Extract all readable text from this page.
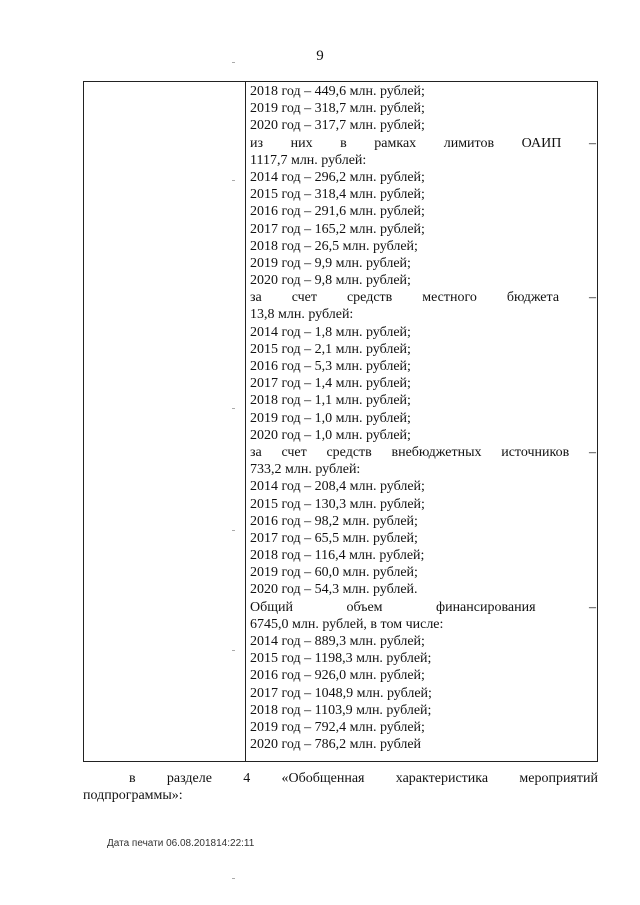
9
2018 год – 449,6 млн. рублей;
2019 год – 318,7 млн. рублей;
2020 год – 317,7 млн. рублей;
из них в рамках лимитов ОАИП –
1117,7 млн. рублей:
2014 год – 296,2 млн. рублей;
2015 год – 318,4 млн. рублей;
2016 год – 291,6 млн. рублей;
2017 год – 165,2 млн. рублей;
2018 год – 26,5 млн. рублей;
2019 год – 9,9 млн. рублей;
2020 год – 9,8 млн. рублей;
за счет средств местного бюджета –
13,8 млн. рублей:
2014 год – 1,8 млн. рублей;
2015 год – 2,1 млн. рублей;
2016 год – 5,3 млн. рублей;
2017 год – 1,4 млн. рублей;
2018 год – 1,1 млн. рублей;
2019 год – 1,0 млн. рублей;
2020 год – 1,0 млн. рублей;
за счет средств внебюджетных источников –
733,2 млн. рублей:
2014 год – 208,4 млн. рублей;
2015 год – 130,3 млн. рублей;
2016 год – 98,2 млн. рублей;
2017 год – 65,5 млн. рублей;
2018 год – 116,4 млн. рублей;
2019 год – 60,0 млн. рублей;
2020 год – 54,3 млн. рублей.
Общий	объем	финансирования	–
6745,0 млн. рублей, в том числе:
2014 год – 889,3 млн. рублей;
2015 год – 1198,3 млн. рублей;
2016 год – 926,0 млн. рублей;
2017 год – 1048,9 млн. рублей;
2018 год – 1103,9 млн. рублей;
2019 год – 792,4 млн. рублей;
2020 год – 786,2 млн. рублей
в разделе 4 «Обобщенная характеристика мероприятий
подпрограммы»:
Дата печати 06.08.201814:22:11
